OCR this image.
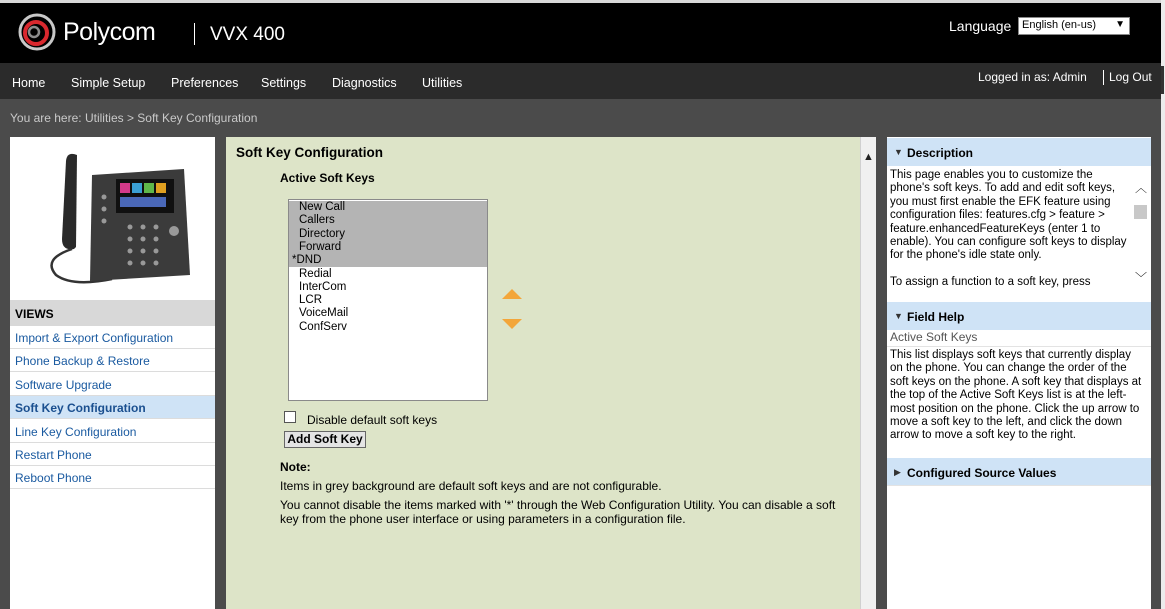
Polycom	VVX 400	Language English (en-us) ▼
Home Simple Setup Preferences Settings Diagnostics Utilities	Logged in as: Admin Log Out
You are here: Utilities > Soft Key Configuration
VIEWS
Import & Export Configuration
Phone Backup & Restore
Software Upgrade
Soft Key Configuration
Line Key Configuration
Restart Phone
Reboot Phone
Soft Key Configuration
Active Soft Keys
New Call
Callers
Directory
Forward
*DND
Redial
InterCom
LCR
VoiceMail
ConfServ
Disable default soft keys
Add Soft Key
Note:
Items in grey background are default soft keys and are not configurable.
You cannot disable the items marked with '*' through the Web Configuration Utility. You can disable a soft key from the phone user interface or using parameters in a configuration file.
▲ ▼ Description

This page enables you to customize the phone's soft keys. To add and edit soft keys, you must first enable the EFK feature using configuration files: features.cfg > feature > feature.enhancedFeatureKeys (enter 1 to enable). You can configure soft keys to display for the phone's idle state only.

To assign a function to a soft key, press

︿
﹀
▼ Field Help
Active Soft Keys
This list displays soft keys that currently display on the phone. You can change the order of the soft keys on the phone. A soft key that displays at the top of the Active Soft Keys list is at the left-most position on the phone. Click the up arrow to move a soft key to the left, and click the down arrow to move a soft key to the right.
▶ Configured Source Values
